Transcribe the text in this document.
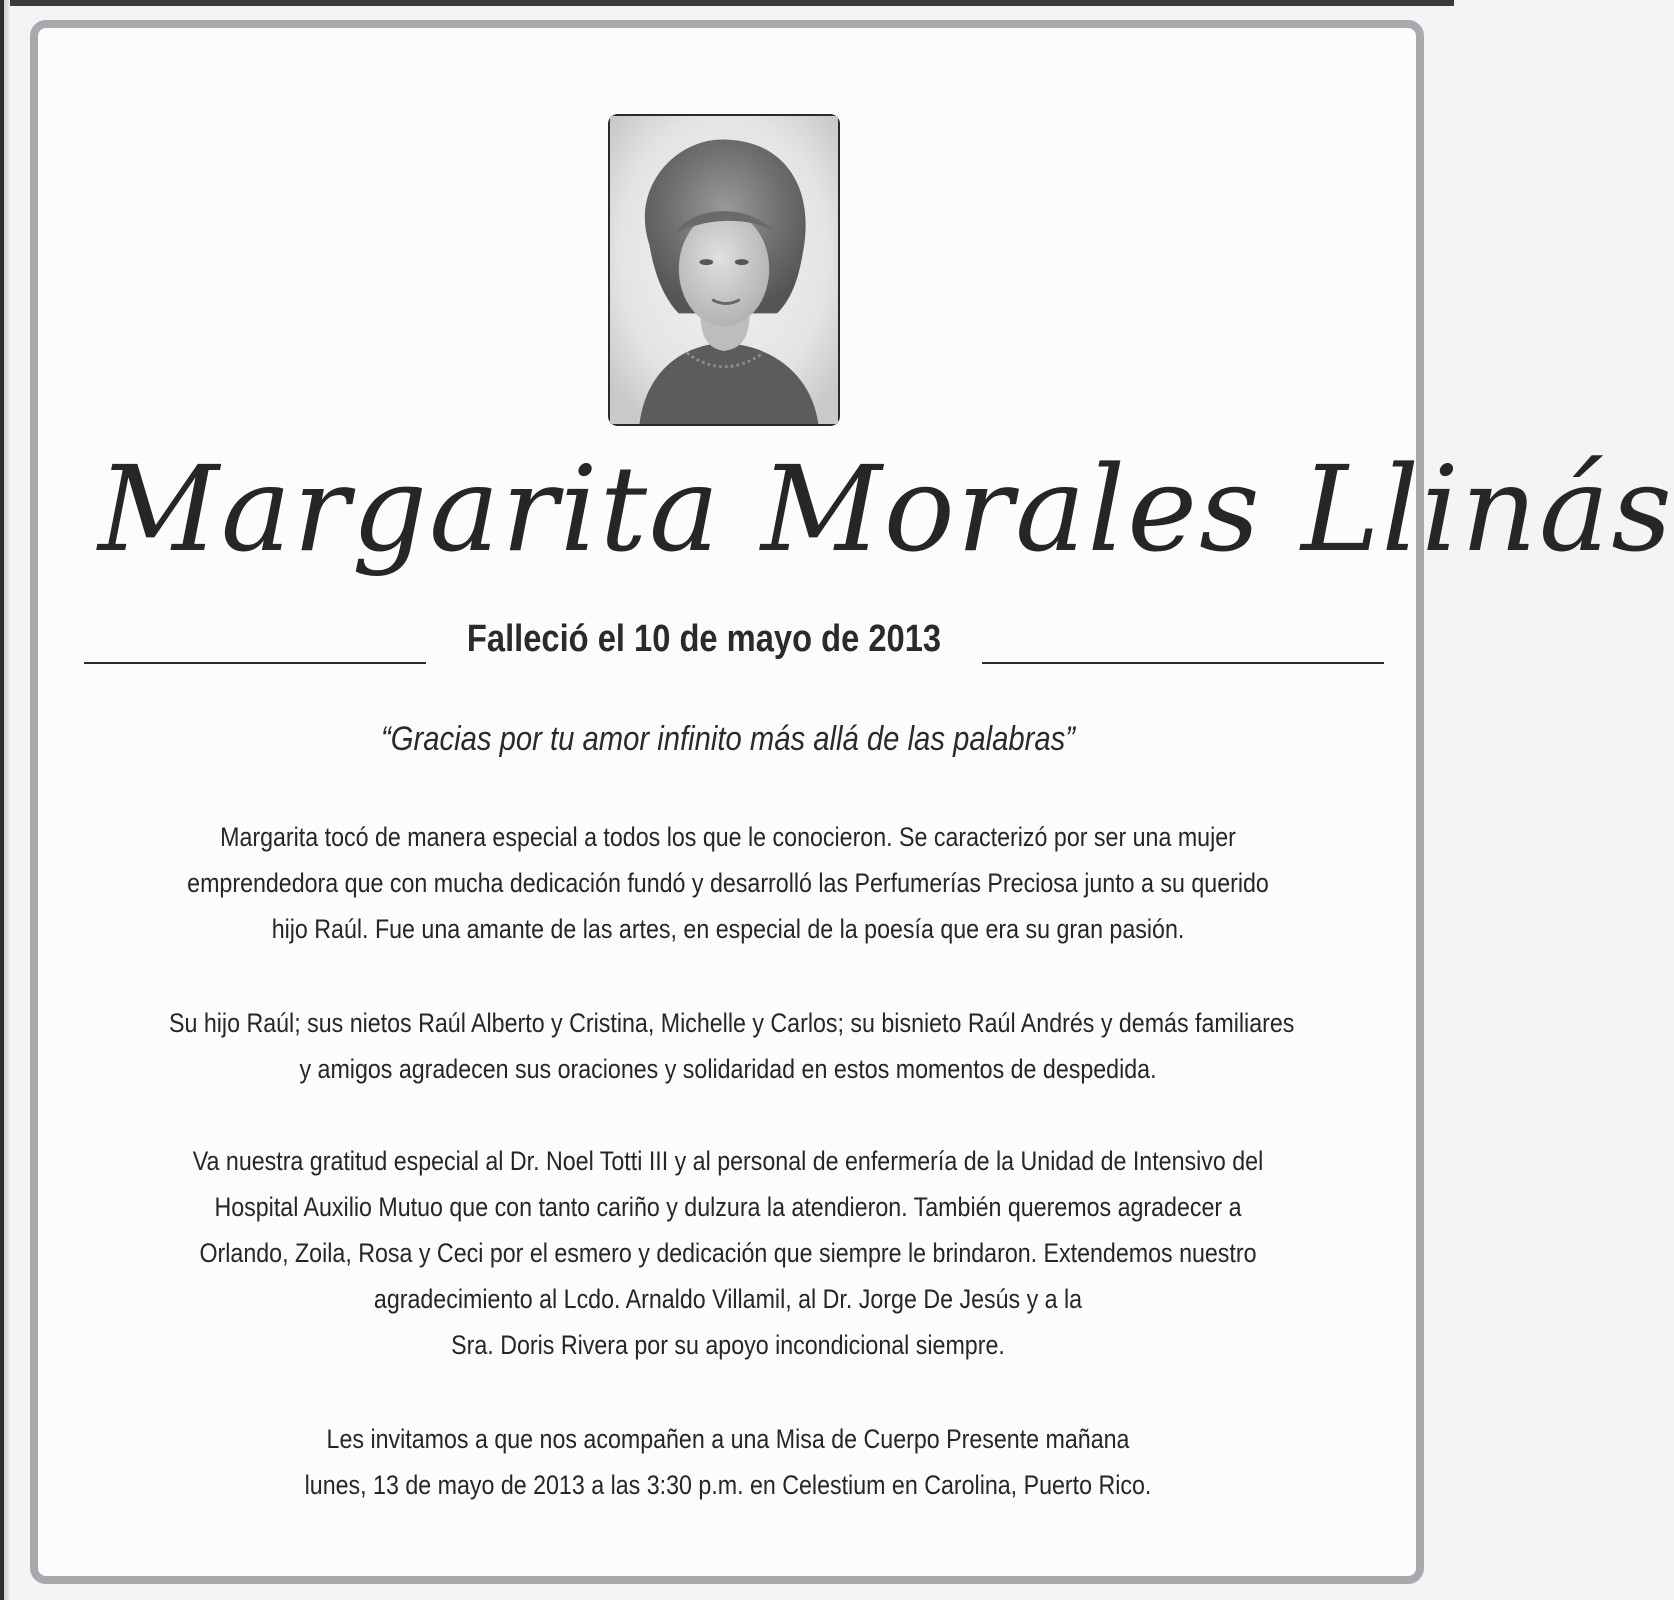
Margarita Morales Llinás
Falleció el 10 de mayo de 2013
“Gracias por tu amor infinito más allá de las palabras”
Margarita tocó de manera especial a todos los que le conocieron. Se caracterizó por ser una mujer
emprendedora que con mucha dedicación fundó y desarrolló las Perfumerías Preciosa junto a su querido
hijo Raúl. Fue una amante de las artes, en especial de la poesía que era su gran pasión.
Su hijo Raúl; sus nietos Raúl Alberto y Cristina, Michelle y Carlos; su bisnieto Raúl Andrés y demás familiares
y amigos agradecen sus oraciones y solidaridad en estos momentos de despedida.
Va nuestra gratitud especial al Dr. Noel Totti III y al personal de enfermería de la Unidad de Intensivo del
Hospital Auxilio Mutuo que con tanto cariño y dulzura la atendieron. También queremos agradecer a
Orlando, Zoila, Rosa y Ceci por el esmero y dedicación que siempre le brindaron. Extendemos nuestro
agradecimiento al Lcdo. Arnaldo Villamil, al Dr. Jorge De Jesús y a la
Sra. Doris Rivera por su apoyo incondicional siempre.
Les invitamos a que nos acompañen a una Misa de Cuerpo Presente mañana
lunes, 13 de mayo de 2013 a las 3:30 p.m. en Celestium en Carolina, Puerto Rico.
